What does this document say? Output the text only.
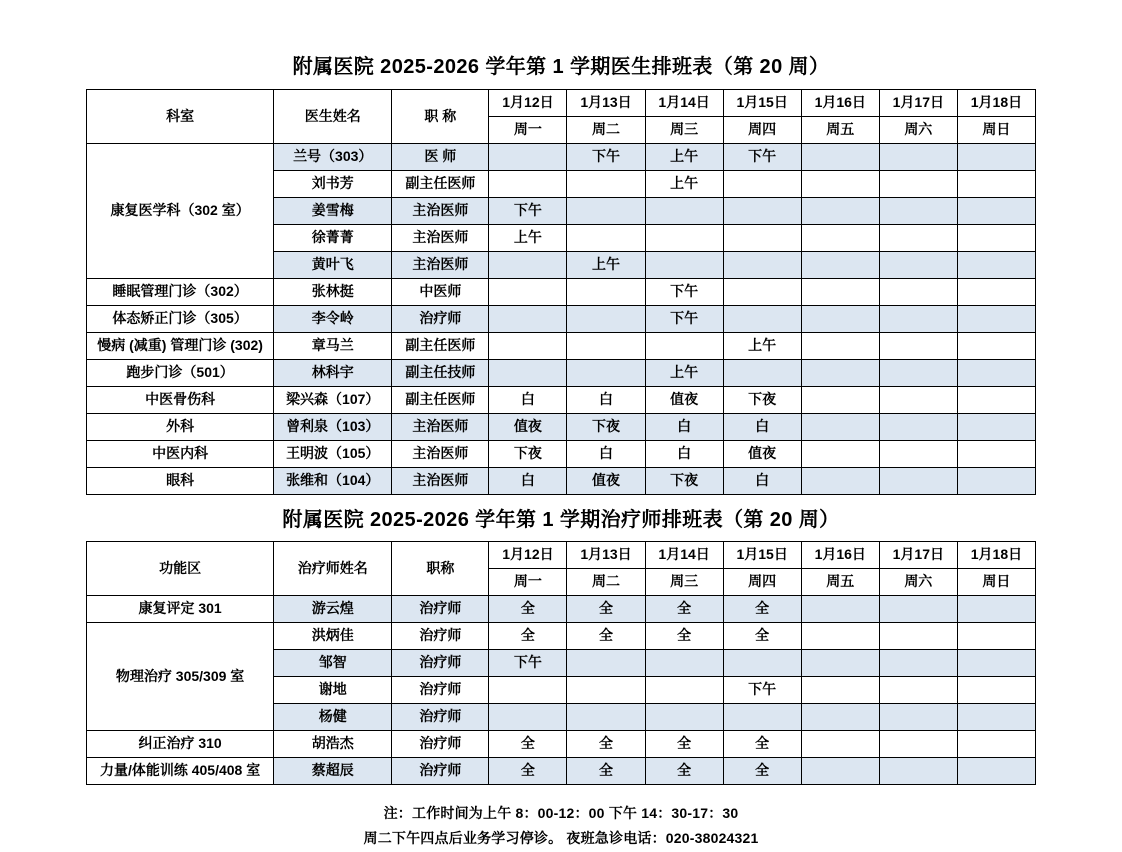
附属医院 2025-2026 学年第 1 学期医生排班表（第 20 周）
科室	医生姓名	职 称	1月12日	1月13日	1月14日	1月15日	1月16日	1月17日	1月18日
			周一	周二	周三	周四	周五	周六	周日
康复医学科（302 室）	兰号（303）	医 师		下午	上午	下午			
	刘书芳	副主任医师			上午				
	姜雪梅	主治医师	下午						
	徐菁菁	主治医师	上午						
	黄叶飞	主治医师		上午					
睡眠管理门诊（302）	张林挺	中医师			下午				
体态矫正门诊（305）	李令岭	治疗师			下午				
慢病 (减重) 管理门诊 (302)	章马兰	副主任医师				上午			
跑步门诊（501）	林科宇	副主任技师			上午				
中医骨伤科	梁兴森（107）	副主任医师	白	白	值夜	下夜			
外科	曾利泉（103）	主治医师	值夜	下夜	白	白			
中医内科	王明波（105）	主治医师	下夜	白	白	值夜			
眼科	张维和（104）	主治医师	白	值夜	下夜	白			
附属医院 2025-2026 学年第 1 学期治疗师排班表（第 20 周）
功能区	治疗师姓名	职称	1月12日	1月13日	1月14日	1月15日	1月16日	1月17日	1月18日
			周一	周二	周三	周四	周五	周六	周日
康复评定 301	游云煌	治疗师	全	全	全	全			
物理治疗 305/309 室	洪炳佳	治疗师	全	全	全	全			
	邹智	治疗师	下午						
	谢地	治疗师				下午			
	杨健	治疗师							
纠正治疗 310	胡浩杰	治疗师	全	全	全	全			
力量/体能训练 405/408 室	蔡超辰	治疗师	全	全	全	全			
注：工作时间为上午 8：00-12：00 下午 14：30-17：30
周二下午四点后业务学习停诊。 夜班急诊电话：020-38024321
